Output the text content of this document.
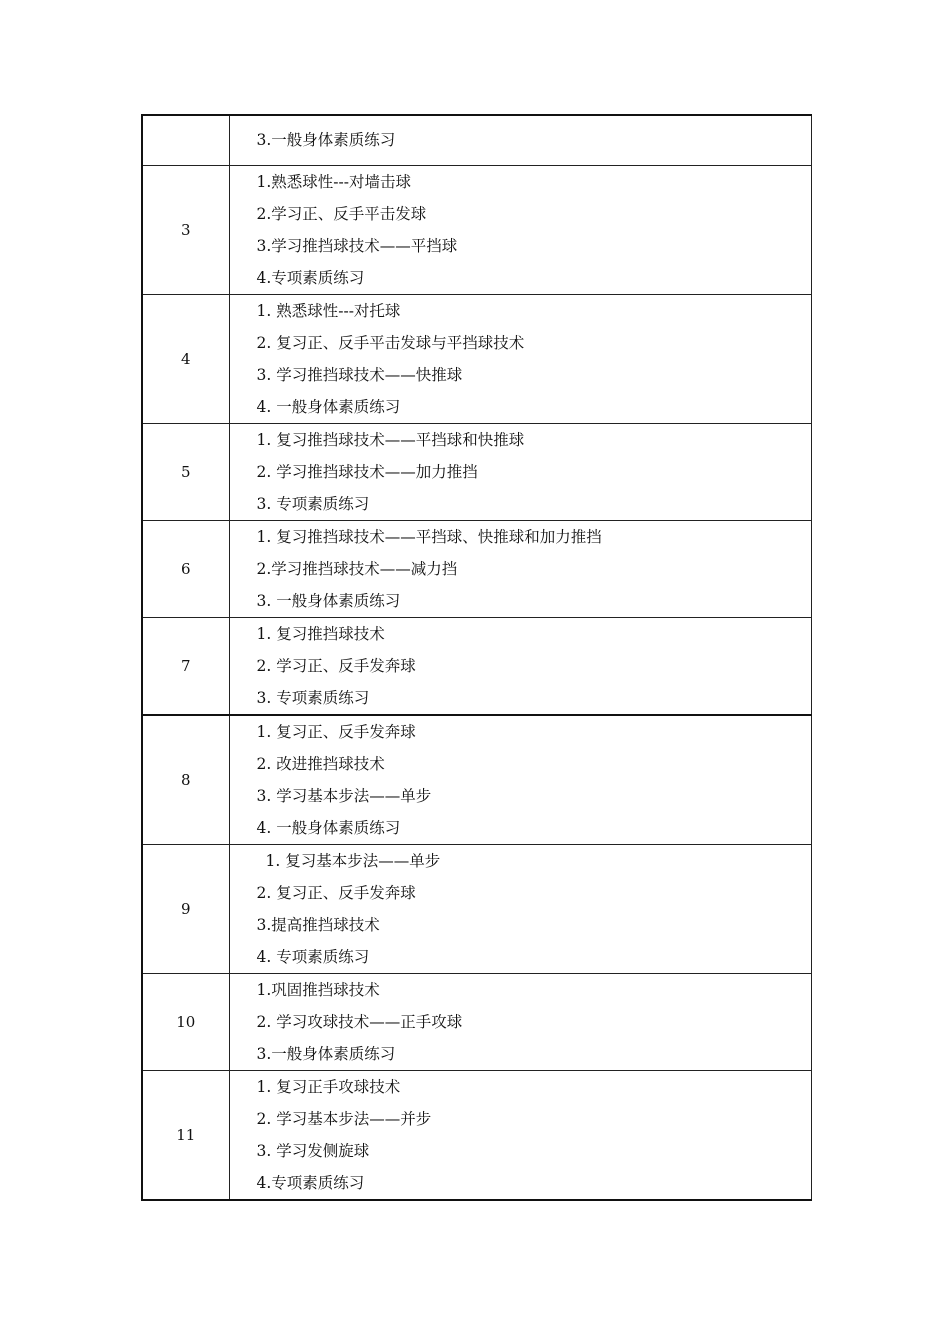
	3.一般身体素质练习

3	1.熟悉球性---对墙击球
2.学习正、反手平击发球
3.学习推挡球技术——平挡球
4.专项素质练习

4	1. 熟悉球性---对托球
2. 复习正、反手平击发球与平挡球技术
3. 学习推挡球技术——快推球
4. 一般身体素质练习

5	1. 复习推挡球技术——平挡球和快推球
2. 学习推挡球技术——加力推挡
3. 专项素质练习

6	1. 复习推挡球技术——平挡球、快推球和加力推挡
2.学习推挡球技术——减力挡
3. 一般身体素质练习

7	1. 复习推挡球技术
2. 学习正、反手发奔球
3. 专项素质练习

8	1. 复习正、反手发奔球
2. 改进推挡球技术
3. 学习基本步法——单步
4. 一般身体素质练习

9	1. 复习基本步法——单步
2. 复习正、反手发奔球
3.提高推挡球技术
4. 专项素质练习

10	1.巩固推挡球技术
2. 学习攻球技术——正手攻球
3.一般身体素质练习

11	1. 复习正手攻球技术
2. 学习基本步法——并步
3. 学习发侧旋球
4.专项素质练习
